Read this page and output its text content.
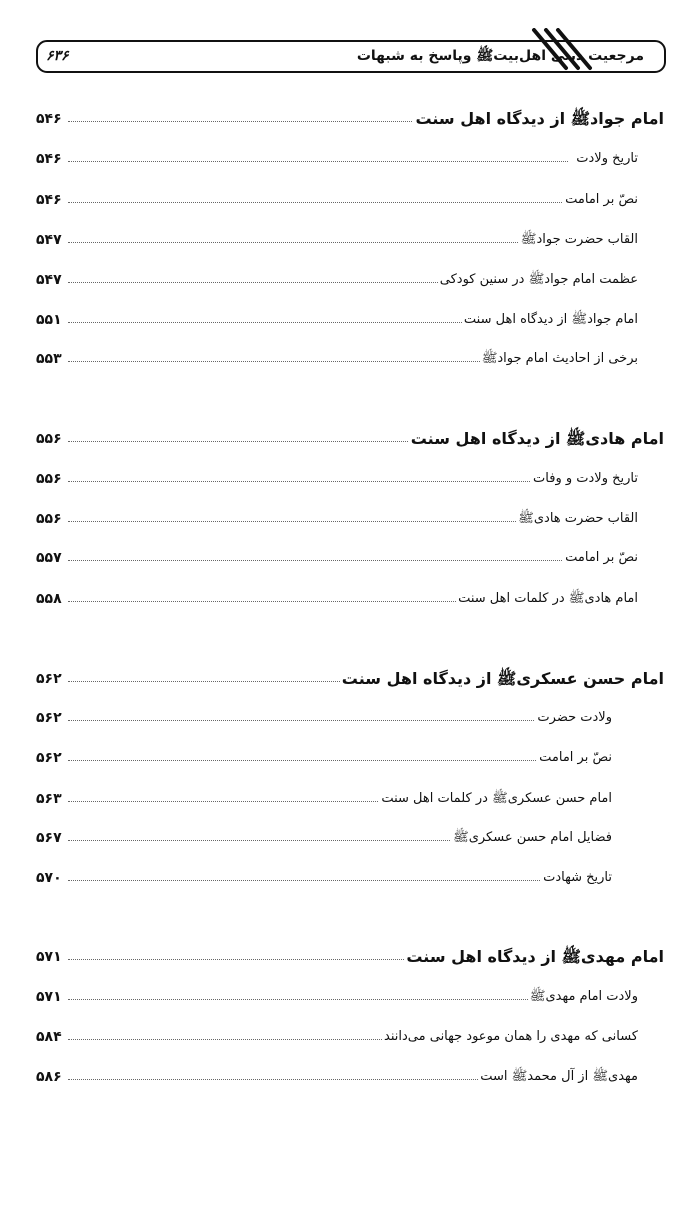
مرجعیت دینی اهل‌بیت‌ﷺ وپاسخ به شبهات
۶۳۶
امام جواد‌ﷺ از دیدگاه اهل سنت
۵۴۶
تاریخ ولادت
۵۴۶
نصّ بر امامت
۵۴۶
القاب حضرت جواد‌ﷺ
۵۴۷
عظمت امام جواد‌ﷺ در سنین کودکی
۵۴۷
امام جواد‌ﷺ از دیدگاه اهل سنت
۵۵۱
برخی از احادیث امام جواد‌ﷺ
۵۵۳
امام هادی‌ﷺ از دیدگاه اهل سنت
۵۵۶
تاریخ ولادت و وفات
۵۵۶
القاب حضرت هادی‌ﷺ
۵۵۶
نصّ بر امامت
۵۵۷
امام هادی‌ﷺ در کلمات اهل سنت
۵۵۸
امام حسن عسکری‌ﷺ از دیدگاه اهل سنت
۵۶۲
ولادت حضرت
۵۶۲
نصّ بر امامت
۵۶۲
امام حسن عسکری‌ﷺ در کلمات اهل سنت
۵۶۳
فضایل امام حسن عسکری‌ﷺ
۵۶۷
تاریخ شهادت
۵۷۰
امام مهدی‌ﷺ از دیدگاه اهل سنت
۵۷۱
ولادت امام مهدی‌ﷺ
۵۷۱
کسانی که مهدی را همان موعود جهانی می‌دانند
۵۸۴
مهدی‌ﷺ از آل محمد‌ﷺ است
۵۸۶
